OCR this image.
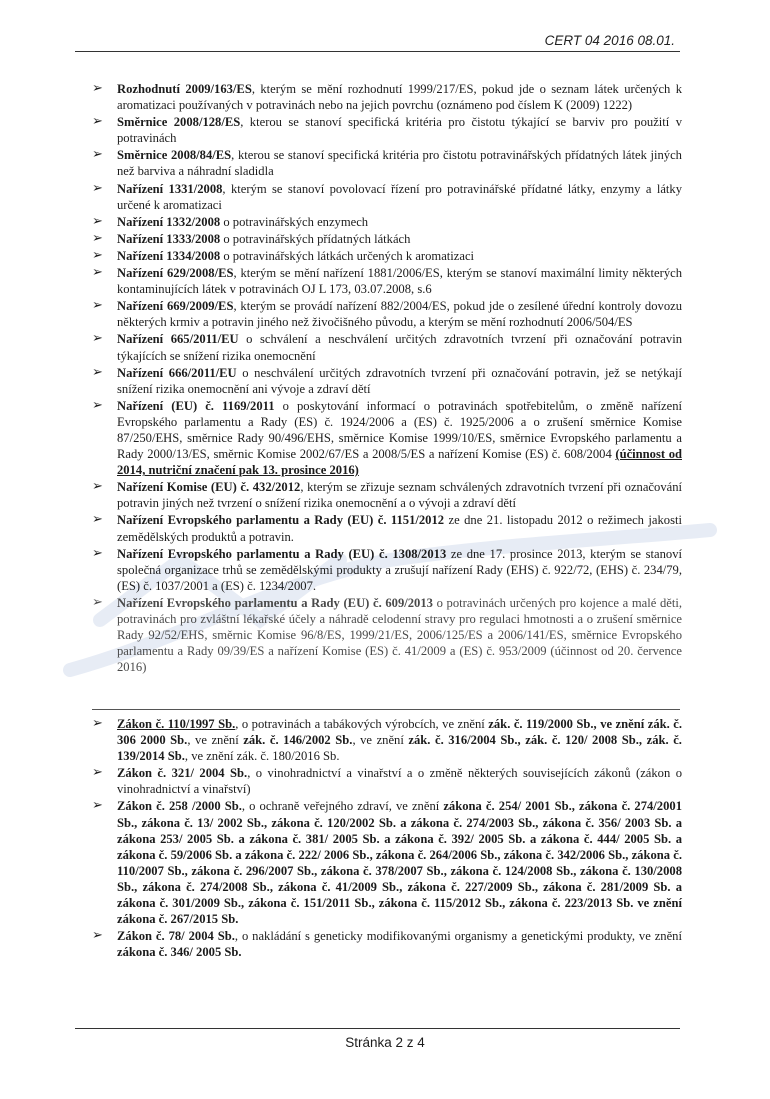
CERT 04 2016 08.01.
➢	Rozhodnutí 2009/163/ES, kterým se mění rozhodnutí 1999/217/ES, pokud jde o seznam látek určených k aromatizaci používaných v potravinách nebo na jejich povrchu (oznámeno pod číslem K (2009) 1222)
➢	Směrnice 2008/128/ES, kterou se stanoví specifická kritéria pro čistotu týkající se barviv pro použití v potravinách
➢	Směrnice 2008/84/ES, kterou se stanoví specifická kritéria pro čistotu potravinářských přídatných látek jiných než barviva a náhradní sladidla
➢	Nařízení 1331/2008, kterým se stanoví povolovací řízení pro potravinářské přídatné látky, enzymy a látky určené k aromatizaci
➢	Nařízení 1332/2008 o potravinářských enzymech
➢	Nařízení 1333/2008 o potravinářských přídatných látkách
➢	Nařízení 1334/2008 o potravinářských látkách určených k aromatizaci
➢	Nařízení 629/2008/ES, kterým se mění nařízení 1881/2006/ES, kterým se stanoví maximální limity některých kontaminujících látek v potravinách OJ L 173, 03.07.2008, s.6
➢	Nařízení 669/2009/ES, kterým se provádí nařízení 882/2004/ES, pokud jde o zesílené úřední kontroly dovozu některých krmiv a potravin jiného než živočišného původu, a kterým se mění rozhodnutí 2006/504/ES
➢	Nařízení 665/2011/EU o schválení a neschválení určitých zdravotních tvrzení při označování potravin týkajících se snížení rizika onemocnění
➢	Nařízení 666/2011/EU o neschválení určitých zdravotních tvrzení při označování potravin, jež se netýkají snížení rizika onemocnění ani vývoje a zdraví dětí
➢	Nařízení (EU) č. 1169/2011 o poskytování informací o potravinách spotřebitelům, o změně nařízení Evropského parlamentu a Rady (ES) č. 1924/2006 a (ES) č. 1925/2006 a o zrušení směrnice Komise 87/250/EHS, směrnice Rady 90/496/EHS, směrnice Komise 1999/10/ES, směrnice Evropského parlamentu a Rady 2000/13/ES, směrnic Komise 2002/67/ES a 2008/5/ES a nařízení Komise (ES) č. 608/2004 (účinnost od 2014, nutriční značení pak 13. prosince 2016)
➢	Nařízení Komise (EU) č. 432/2012, kterým se zřizuje seznam schválených zdravotních tvrzení při označování potravin jiných než tvrzení o snížení rizika onemocnění a o vývoji a zdraví dětí
➢	Nařízení Evropského parlamentu a Rady (EU) č. 1151/2012 ze dne 21. listopadu 2012 o režimech jakosti zemědělských produktů a potravin.
➢	Nařízení Evropského parlamentu a Rady (EU) č. 1308/2013 ze dne 17. prosince 2013, kterým se stanoví společná organizace trhů se zemědělskými produkty a zrušují nařízení Rady (EHS) č. 922/72, (EHS) č. 234/79, (ES) č. 1037/2001 a (ES) č. 1234/2007.
➢	Nařízení Evropského parlamentu a Rady (EU) č. 609/2013 o potravinách určených pro kojence a malé děti, potravinách pro zvláštní lékařské účely a náhradě celodenní stravy pro regulaci hmotnosti a o zrušení směrnice Rady 92/52/EHS, směrnic Komise 96/8/ES, 1999/21/ES, 2006/125/ES a 2006/141/ES, směrnice Evropského parlamentu a Rady 09/39/ES a nařízení Komise (ES) č. 41/2009 a (ES) č. 953/2009 (účinnost od 20. července 2016)
➢	Zákon č. 110/1997 Sb., o potravinách a tabákových výrobcích, ve znění zák. č. 119/2000 Sb., ve znění zák. č. 306 2000 Sb., ve znění zák. č. 146/2002 Sb., ve znění zák. č. 316/2004 Sb., zák. č. 120/ 2008 Sb., zák. č. 139/2014 Sb., ve znění zák. č. 180/2016 Sb.
➢	Zákon č. 321/ 2004 Sb., o vinohradnictví a vinařství a o změně některých souvisejících zákonů (zákon o vinohradnictví a vinařství)
➢	Zákon č. 258 /2000 Sb., o ochraně veřejného zdraví, ve znění zákona č. 254/ 2001 Sb., zákona č. 274/2001 Sb., zákona č. 13/ 2002 Sb., zákona č. 120/2002 Sb. a zákona č. 274/2003 Sb., zákona č. 356/ 2003 Sb. a zákona 253/ 2005 Sb. a zákona č. 381/ 2005 Sb. a zákona č. 392/ 2005 Sb. a zákona č. 444/ 2005 Sb. a zákona č. 59/2006 Sb. a zákona č. 222/ 2006 Sb., zákona č. 264/2006 Sb., zákona č. 342/2006 Sb., zákona č. 110/2007 Sb., zákona č. 296/2007 Sb., zákona č. 378/2007 Sb., zákona č. 124/2008 Sb., zákona č. 130/2008 Sb., zákona č. 274/2008 Sb., zákona č. 41/2009 Sb., zákona č. 227/2009 Sb., zákona č. 281/2009 Sb. a zákona č. 301/2009 Sb., zákona č. 151/2011 Sb., zákona č. 115/2012 Sb., zákona č. 223/2013 Sb. ve znění zákona č. 267/2015 Sb.
➢	Zákon č. 78/ 2004 Sb., o nakládání s geneticky modifikovanými organismy a genetickými produkty, ve znění zákona č. 346/ 2005 Sb.
Stránka 2 z 4
